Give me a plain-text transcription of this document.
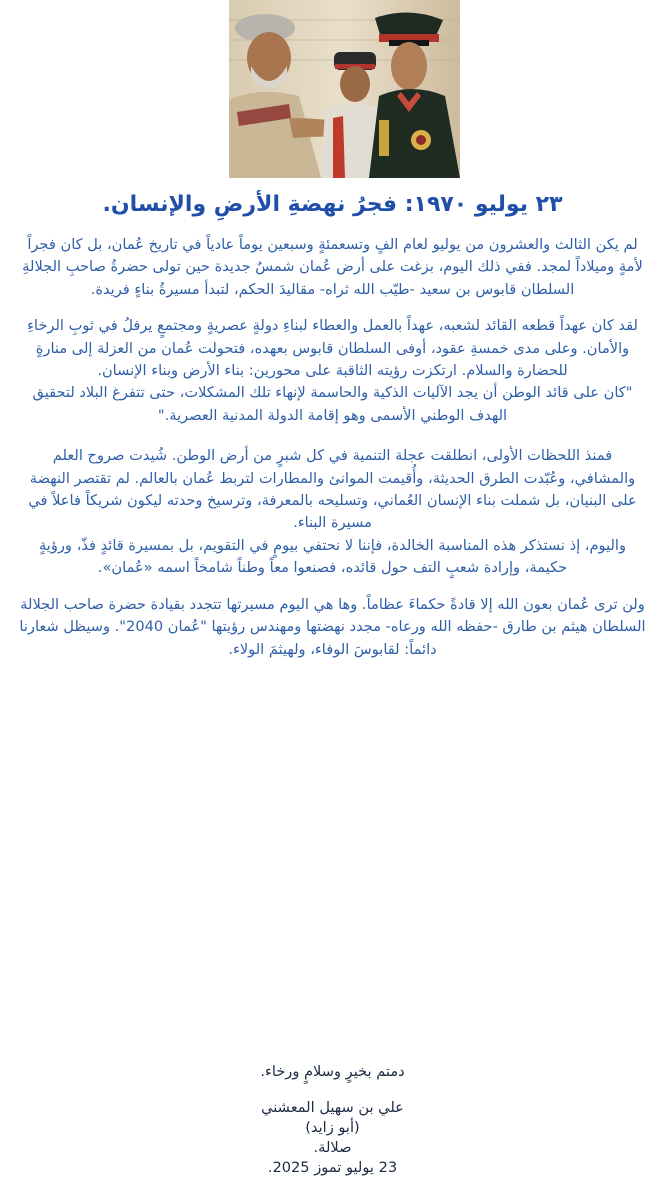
٢٣ يوليو ١٩٧٠: فجرُ نهضةِ الأرضِ والإنسان.

لم يكن الثالث والعشرون من يوليو لعام الفٍ وتسعمئةٍ وسبعين يوماً عادياً في تاريخ عُمان، بل كان فجراً لأمةٍ وميلاداً لمجد. ففي ذلك اليوم، بزغت على أرض عُمان شمسٌ جديدة حين تولى حضرةُ صاحبِ الجلالةِ السلطان قابوس بن سعيد -طيّب الله ثراه- مقاليدَ الحكم، لتبدأ مسيرةُ بناءٍ فريدة.

لقد كان عهداً قطعه القائد لشعبه، عهداً بالعمل والعطاء لبناءِ دولةٍ عصريةٍ ومجتمعٍ يرفلُ في ثوبِ الرخاءِ والأمان. وعلى مدى خمسةِ عقود، أوفى السلطان قابوس بعهده، فتحولت عُمان من العزلة إلى منارةٍ للحضارة والسلام. ارتكزت رؤيته الثاقبة على محورين: بناء الأرض وبناء الإنسان.

"كان على قائد الوطن أن يجد الآليات الذكية والحاسمة لإنهاء تلك المشكلات، حتى تتفرغ البلاد لتحقيق الهدف الوطني الأسمى وهو إقامة الدولة المدنية العصرية."

فمنذ اللحظات الأولى، انطلقت عجلة التنمية في كل شبرٍ من أرض الوطن. شُيدت صروح العلم والمشافي، وعُبّدت الطرق الحديثة، وأُقيمت الموانئ والمطارات لتربط عُمان بالعالم. لم تقتصر النهضة على البنيان، بل شملت بناء الإنسان العُماني، وتسليحه بالمعرفة، وترسيخ وحدته ليكون شريكاً فاعلاً في مسيرة البناء.

واليوم، إذ نستذكر هذه المناسبة الخالدة، فإننا لا نحتفي بيومٍ في التقويم، بل بمسيرة قائدٍ فذّ، ورؤيةٍ حكيمة، وإرادة شعبٍ التف حول قائده، فصنعوا معاً وطناً شامخاً اسمه «عُمان».

ولن ترى عُمان بعون الله إلا قادةً حكماءَ عظاماً. وها هي اليوم مسيرتها تتجدد بقيادة حضرة صاحب الجلالة السلطان هيثم بن طارق -حفظه الله ورعاه- مجدد نهضتها ومهندس رؤيتها "عُمان 2040". وسيظل شعارنا دائماً: لقابوسَ الوفاء، ولهيثمَ الولاء.

دمتم بخيرٍ وسلامٍ ورخاء.

علي بن سهيل المعشني

(أبو زايد)

صلالة.

23 يوليو تموز 2025.
